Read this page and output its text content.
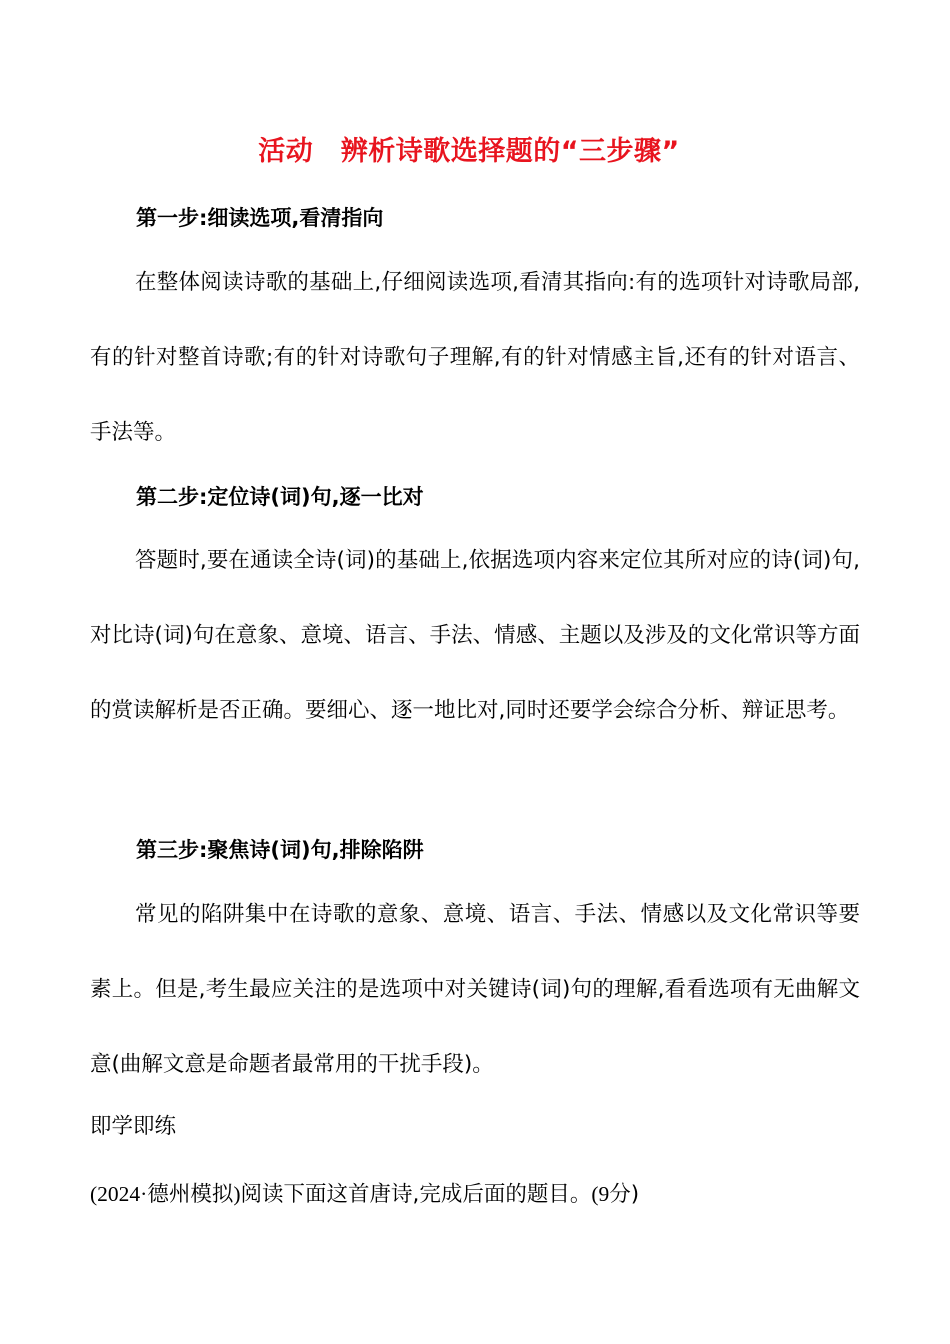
活动　辨析诗歌选择题的“三步骤”
第一步:细读选项,看清指向

在整体阅读诗歌的基础上,仔细阅读选项,看清其指向:有的选项针对诗歌局部,有的针对整首诗歌;有的针对诗歌句子理解,有的针对情感主旨,还有的针对语言、手法等。

第二步:定位诗(词)句,逐一比对

答题时,要在通读全诗(词)的基础上,依据选项内容来定位其所对应的诗(词)句,对比诗(词)句在意象、意境、语言、手法、情感、主题以及涉及的文化常识等方面的赏读解析是否正确。要细心、逐一地比对,同时还要学会综合分析、辩证思考。

第三步:聚焦诗(词)句,排除陷阱

常见的陷阱集中在诗歌的意象、意境、语言、手法、情感以及文化常识等要素上。但是,考生最应关注的是选项中对关键诗(词)句的理解,看看选项有无曲解文意(曲解文意是命题者最常用的干扰手段)。

即学即练
(2024·德州模拟)阅读下面这首唐诗,完成后面的题目。(9分)
